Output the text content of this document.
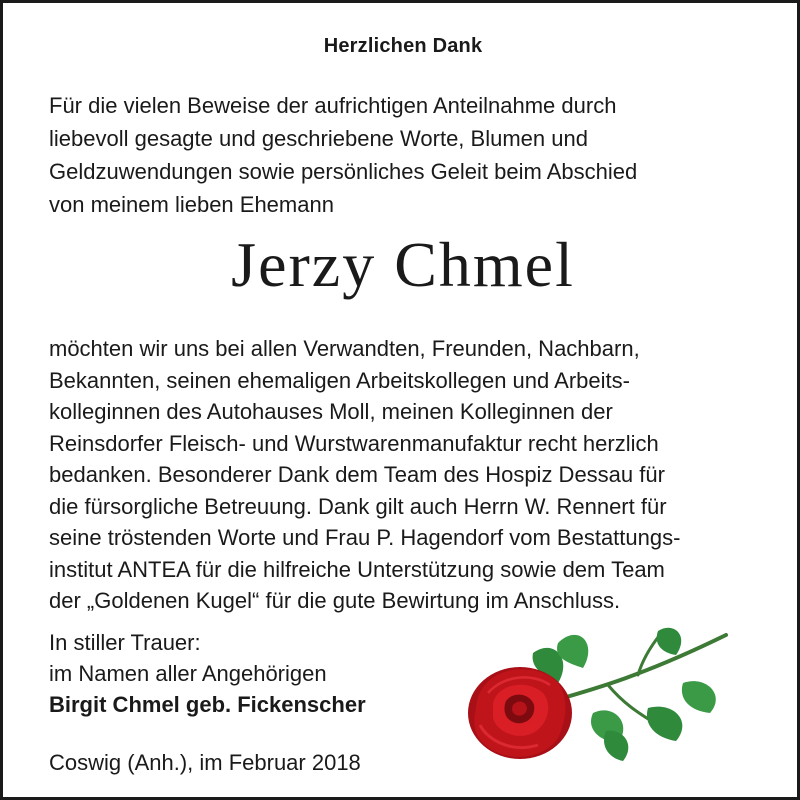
Herzlichen Dank
Für die vielen Beweise der aufrichtigen Anteilnahme durch
liebevoll gesagte und geschriebene Worte, Blumen und
Geldzuwendungen sowie persönliches Geleit beim Abschied
von meinem lieben Ehemann
Jerzy Chmel
möchten wir uns bei allen Verwandten, Freunden, Nachbarn,
Bekannten, seinen ehemaligen Arbeitskollegen und Arbeits-
kolleginnen des Autohauses Moll, meinen Kolleginnen der
Reinsdorfer Fleisch- und Wurstwarenmanufaktur recht herzlich
bedanken. Besonderer Dank dem Team des Hospiz Dessau für
die fürsorgliche Betreuung. Dank gilt auch Herrn W. Rennert für
seine tröstenden Worte und Frau P. Hagendorf vom Bestattungs-
institut ANTEA für die hilfreiche Unterstützung sowie dem Team
der „Goldenen Kugel“ für die gute Bewirtung im Anschluss.
In stiller Trauer:
im Namen aller Angehörigen
Birgit Chmel geb. Fickenscher
Coswig (Anh.), im Februar 2018
